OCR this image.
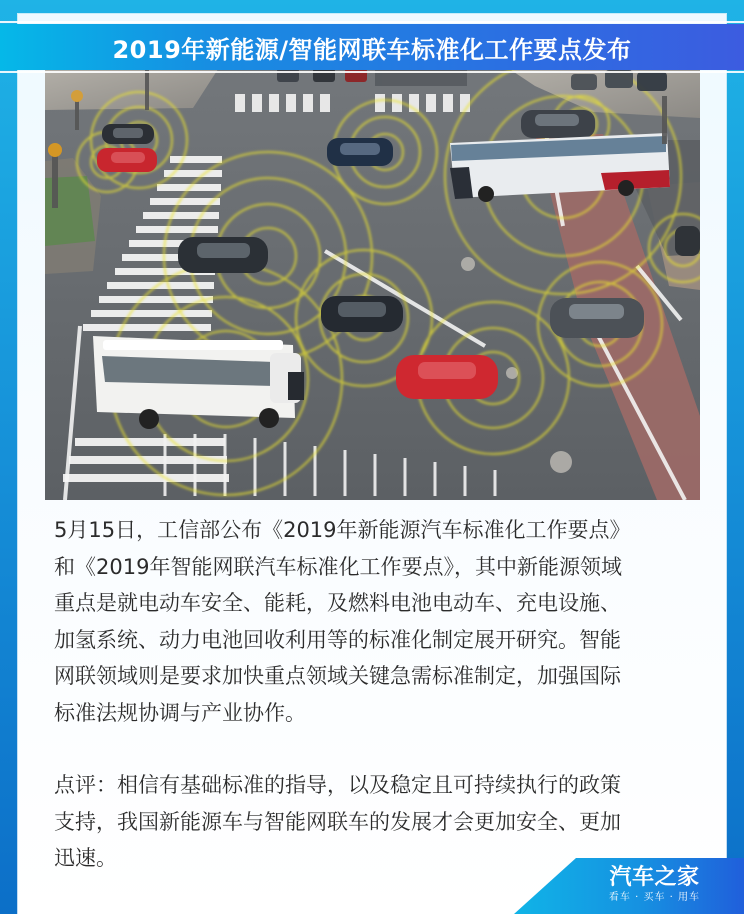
2019年新能源/智能网联车标准化工作要点发布

5月15日，工信部公布《2019年新能源汽车标准化工作要点》
和《2019年智能网联汽车标准化工作要点》，其中新能源领域
重点是就电动车安全、能耗，及燃料电池电动车、充电设施、
加氢系统、动力电池回收利用等的标准化制定展开研究。智能
网联领域则是要求加快重点领域关键急需标准制定，加强国际
标准法规协调与产业协作。

点评：相信有基础标准的指导，以及稳定且可持续执行的政策
支持，我国新能源车与智能网联车的发展才会更加安全、更加
迅速。

汽车之家
看车 · 买车 · 用车
